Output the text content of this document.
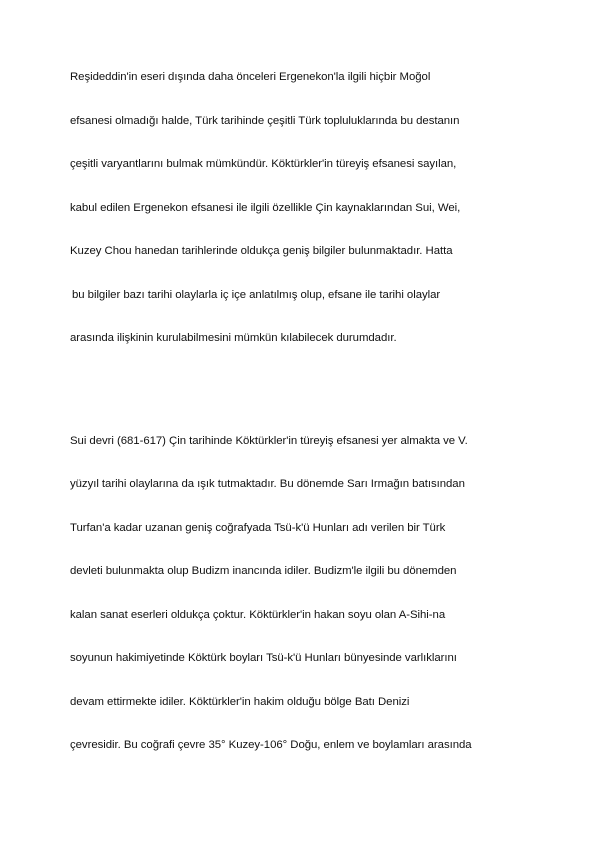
Reşideddin'in eseri dışında daha önceleri Ergenekon'la ilgili hiçbir Moğol
efsanesi olmadığı halde, Türk tarihinde çeşitli Türk topluluklarında bu destanın
çeşitli varyantlarını bulmak mümkündür. Köktürkler'in türeyiş efsanesi sayılan,
kabul edilen Ergenekon efsanesi ile ilgili özellikle Çin kaynaklarından Sui, Wei,
Kuzey Chou hanedan tarihlerinde oldukça geniş bilgiler bulunmaktadır. Hatta
bu bilgiler bazı tarihi olaylarla iç içe anlatılmış olup, efsane ile tarihi olaylar
arasında ilişkinin kurulabilmesini mümkün kılabilecek durumdadır.
Sui devri (681-617) Çin tarihinde Köktürkler'in türeyiş efsanesi yer almakta ve V.
yüzyıl tarihi olaylarına da ışık tutmaktadır. Bu dönemde Sarı Irmağın batısından
Turfan'a kadar uzanan geniş coğrafyada Tsü-k'ü Hunları adı verilen bir Türk
devleti bulunmakta olup Budizm inancında idiler. Budizm'le ilgili bu dönemden
kalan sanat eserleri oldukça çoktur. Köktürkler'in hakan soyu olan A-Sihi-na
soyunun hakimiyetinde Köktürk boyları Tsü-k'ü Hunları bünyesinde varlıklarını
devam ettirmekte idiler. Köktürkler'in hakim olduğu bölge Batı Denizi
çevresidir. Bu coğrafi çevre 35° Kuzey-106° Doğu, enlem ve boylamları arasında
